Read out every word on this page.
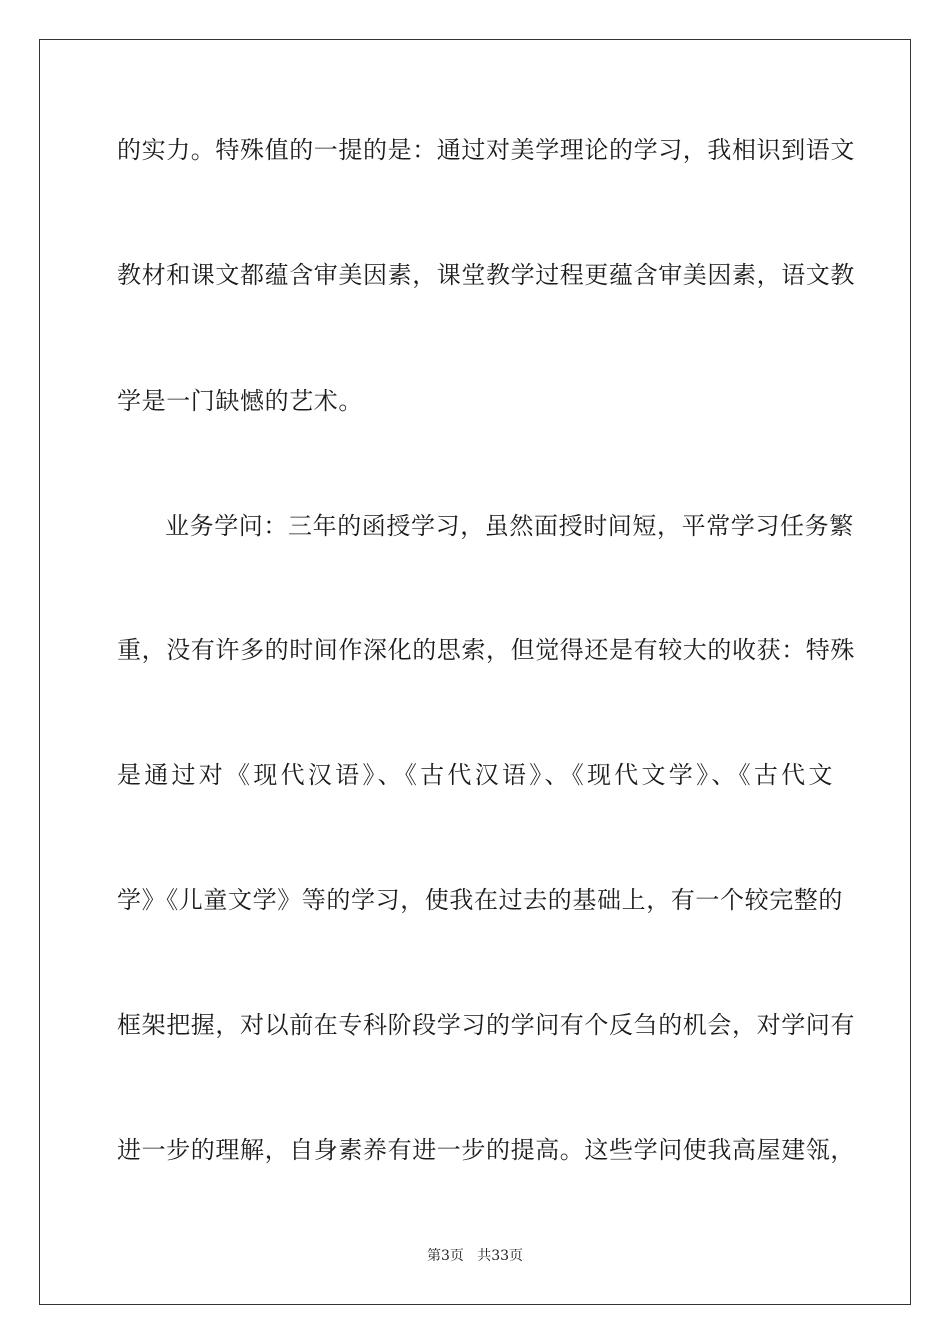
的实力。特殊值的一提的是：通过对美学理论的学习，我相识到语文
教材和课文都蕴含审美因素，课堂教学过程更蕴含审美因素，语文教
学是一门缺憾的艺术。
业务学问：三年的函授学习，虽然面授时间短，平常学习任务繁
重，没有许多的时间作深化的思索，但觉得还是有较大的收获：特殊
是通过对《现代汉语》、《古代汉语》、《现代文学》、《古代文
学》《儿童文学》等的学习，使我在过去的基础上，有一个较完整的
框架把握，对以前在专科阶段学习的学问有个反刍的机会，对学问有
进一步的理解，自身素养有进一步的提高。这些学问使我高屋建瓴，
第3页   共33页
